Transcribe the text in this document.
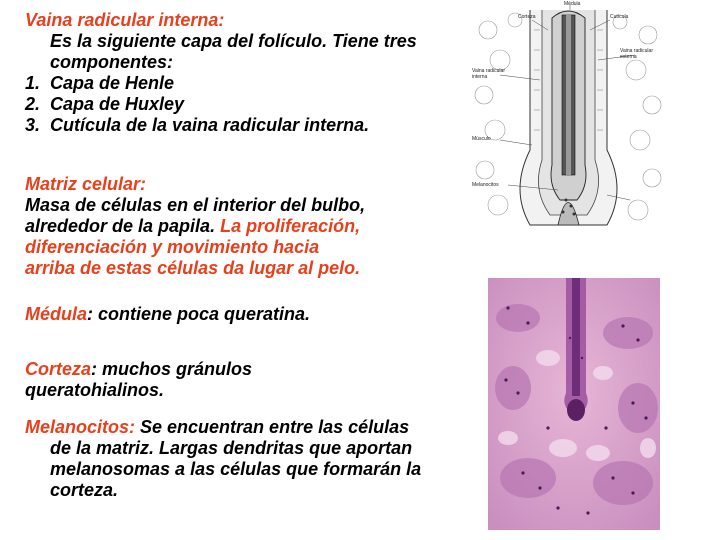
Vaina radicular interna:
Es la siguiente capa del folículo. Tiene tres
componentes:
1. Capa de Henle
2. Capa de Huxley
3. Cutícula de la vaina radicular interna.
Matriz celular:
Masa de células en el interior del bulbo,
alrededor de la papila. La proliferación,
diferenciación y movimiento hacia
arriba de estas células da lugar al pelo.
Médula: contiene poca queratina.
Corteza: muchos gránulos
queratohialinos.
Melanocitos: Se encuentran entre las células
de la matriz. Largas dendritas que aportan
melanosomas a las células que formarán la
corteza.
Médula
Corteza	Cutícula
Vaina radicular
interna
Músculo
Melanocitos
Vaina radicular
externa
